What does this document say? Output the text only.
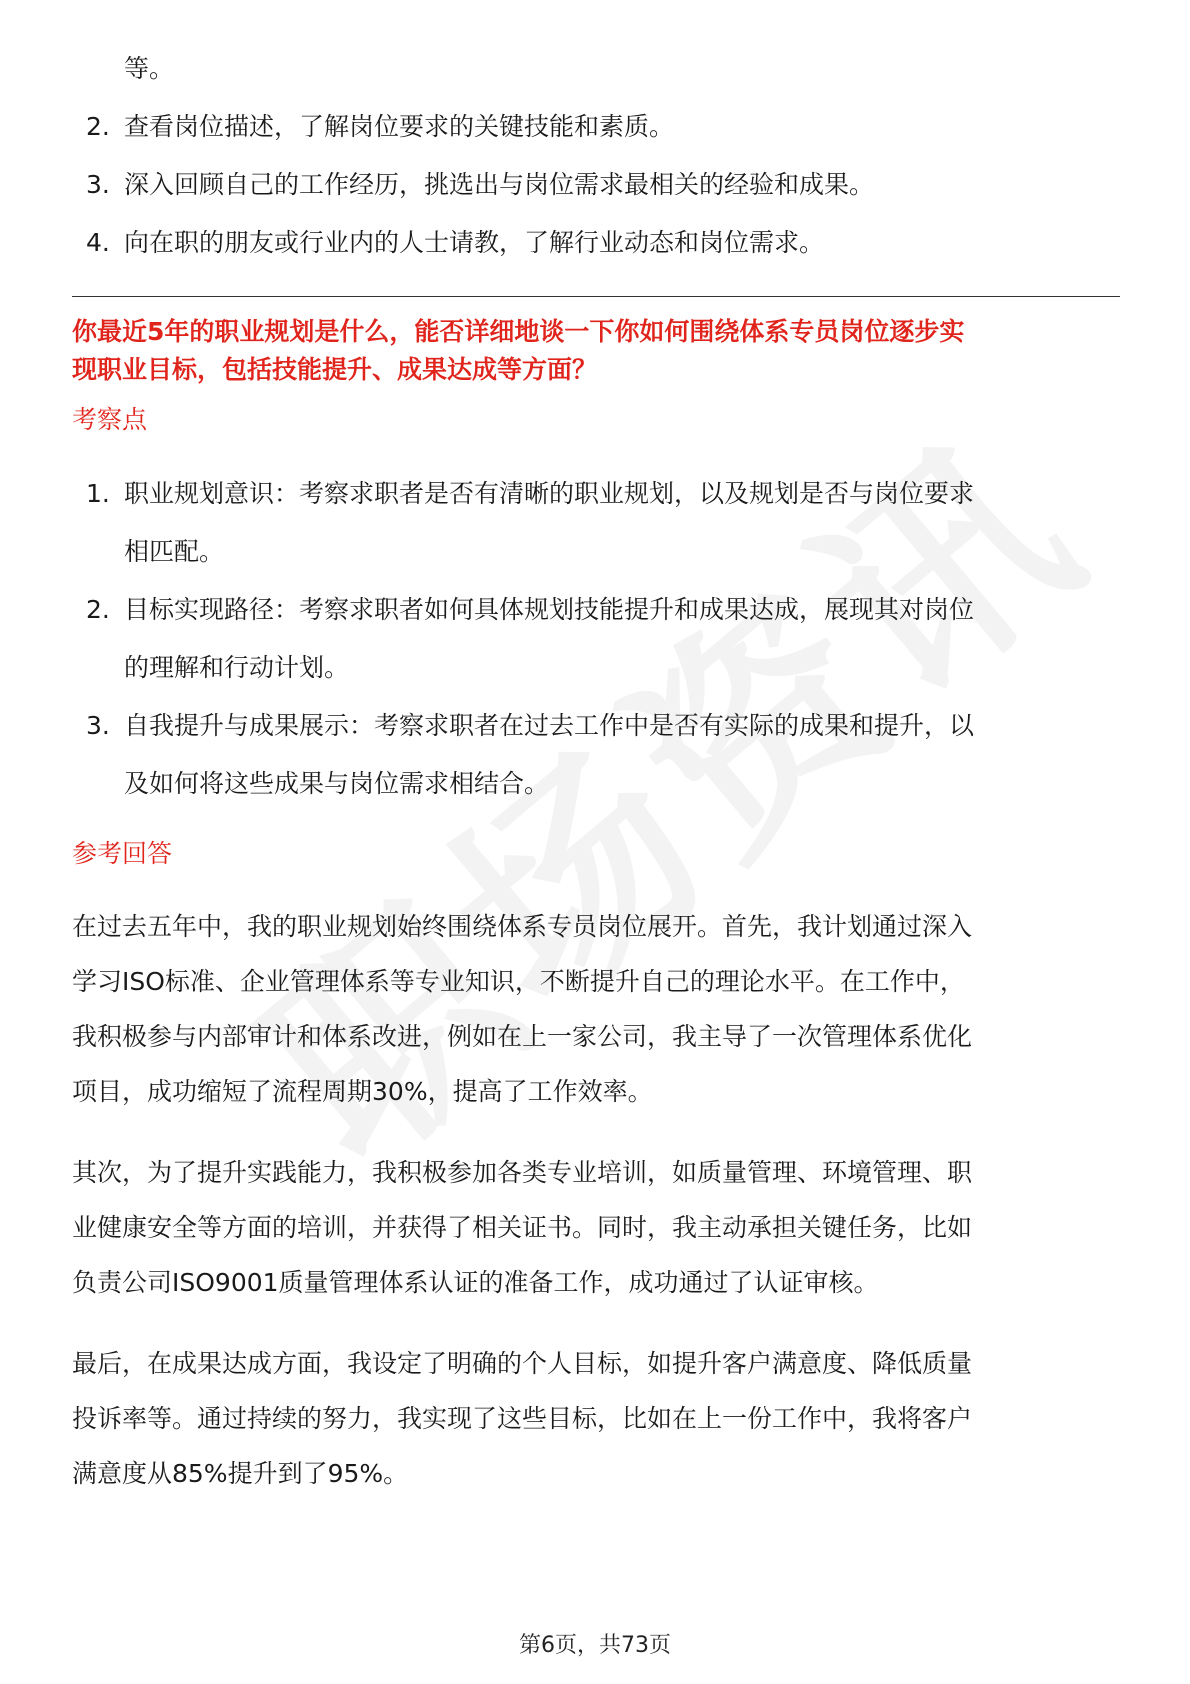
等。
2. 查看岗位描述，了解岗位要求的关键技能和素质。
3. 深入回顾自己的工作经历，挑选出与岗位需求最相关的经验和成果。
4. 向在职的朋友或行业内的人士请教，了解行业动态和岗位需求。
你最近5年的职业规划是什么，能否详细地谈一下你如何围绕体系专员岗位逐步实
现职业目标，包括技能提升、成果达成等方面？
考察点
1. 职业规划意识：考察求职者是否有清晰的职业规划，以及规划是否与岗位要求
相匹配。
2. 目标实现路径：考察求职者如何具体规划技能提升和成果达成，展现其对岗位
的理解和行动计划。
3. 自我提升与成果展示：考察求职者在过去工作中是否有实际的成果和提升，以
及如何将这些成果与岗位需求相结合。
参考回答
在过去五年中，我的职业规划始终围绕体系专员岗位展开。首先，我计划通过深入
学习ISO标准、企业管理体系等专业知识，不断提升自己的理论水平。在工作中，
我积极参与内部审计和体系改进，例如在上一家公司，我主导了一次管理体系优化
项目，成功缩短了流程周期30%，提高了工作效率。
其次，为了提升实践能力，我积极参加各类专业培训，如质量管理、环境管理、职
业健康安全等方面的培训，并获得了相关证书。同时，我主动承担关键任务，比如
负责公司ISO9001质量管理体系认证的准备工作，成功通过了认证审核。
最后，在成果达成方面，我设定了明确的个人目标，如提升客户满意度、降低质量
投诉率等。通过持续的努力，我实现了这些目标，比如在上一份工作中，我将客户
满意度从85%提升到了95%。
第6页，共73页
